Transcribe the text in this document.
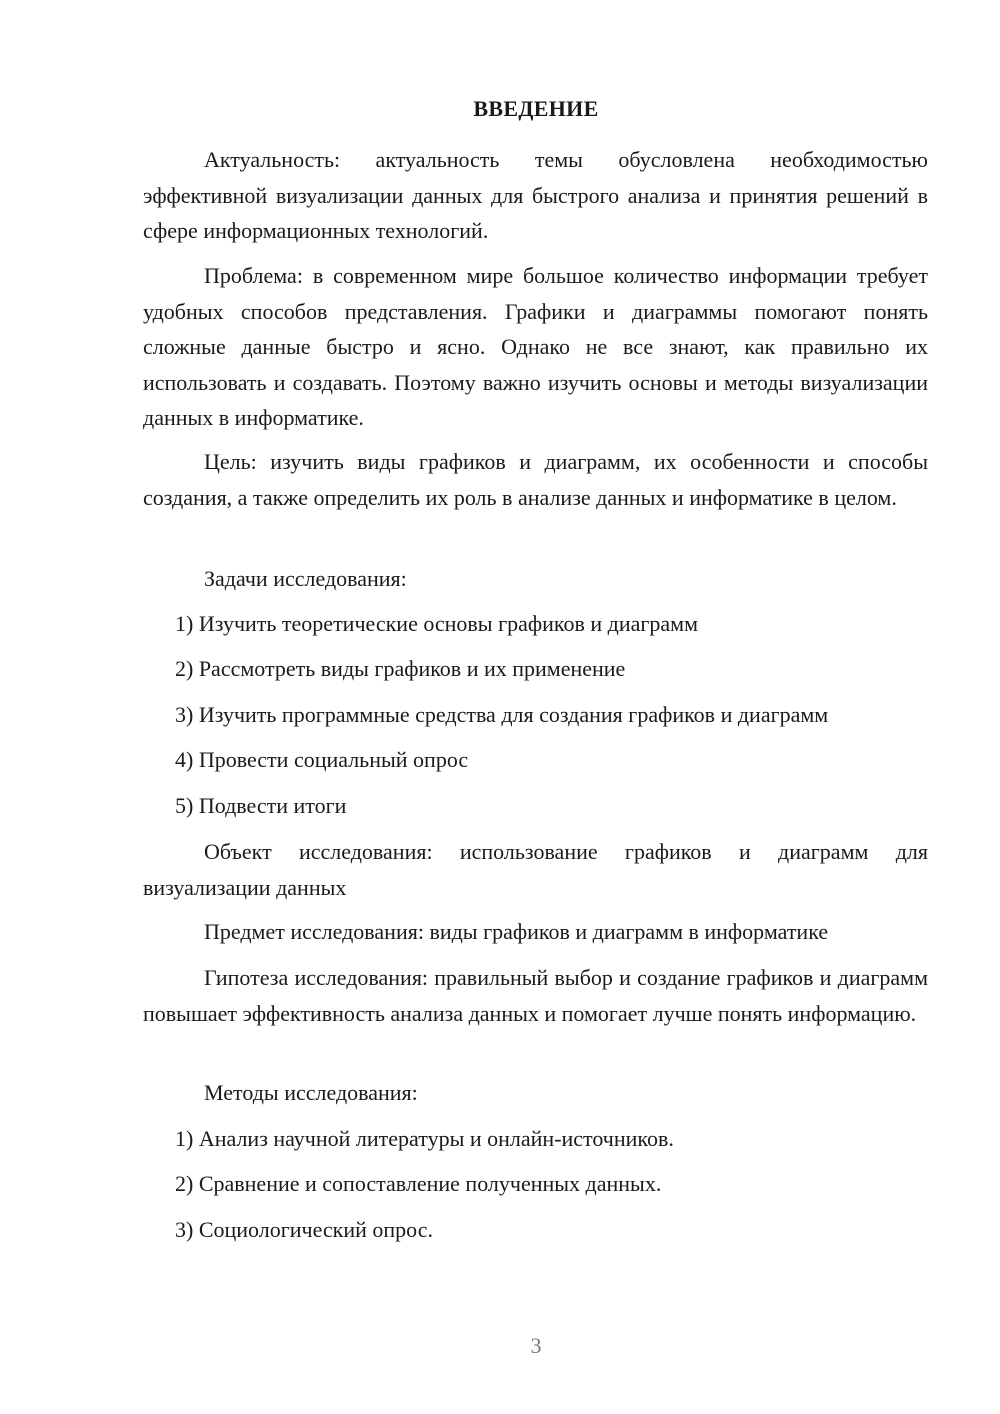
ВВЕДЕНИЕ
Актуальность: актуальность темы обусловлена необходимостью эффективной визуализации данных для быстрого анализа и принятия решений в сфере информационных технологий.
Проблема: в современном мире большое количество информации требует удобных способов представления. Графики и диаграммы помогают понять сложные данные быстро и ясно. Однако не все знают, как правильно их использовать и создавать. Поэтому важно изучить основы и методы визуализации данных в информатике.
Цель: изучить виды графиков и диаграмм, их особенности и способы создания, а также определить их роль в анализе данных и информатике в целом.
Задачи исследования:
1) Изучить теоретические основы графиков и диаграмм
2) Рассмотреть виды графиков и их применение
3) Изучить программные средства для создания графиков и диаграмм
4) Провести социальный опрос
5) Подвести итоги
Объект исследования: использование графиков и диаграмм для визуализации данных
Предмет исследования: виды графиков и диаграмм в информатике
Гипотеза исследования: правильный выбор и создание графиков и диаграмм повышает эффективность анализа данных и помогает лучше понять информацию.
Методы исследования:
1) Анализ научной литературы и онлайн-источников.
2) Сравнение и сопоставление полученных данных.
3) Социологический опрос.
3
